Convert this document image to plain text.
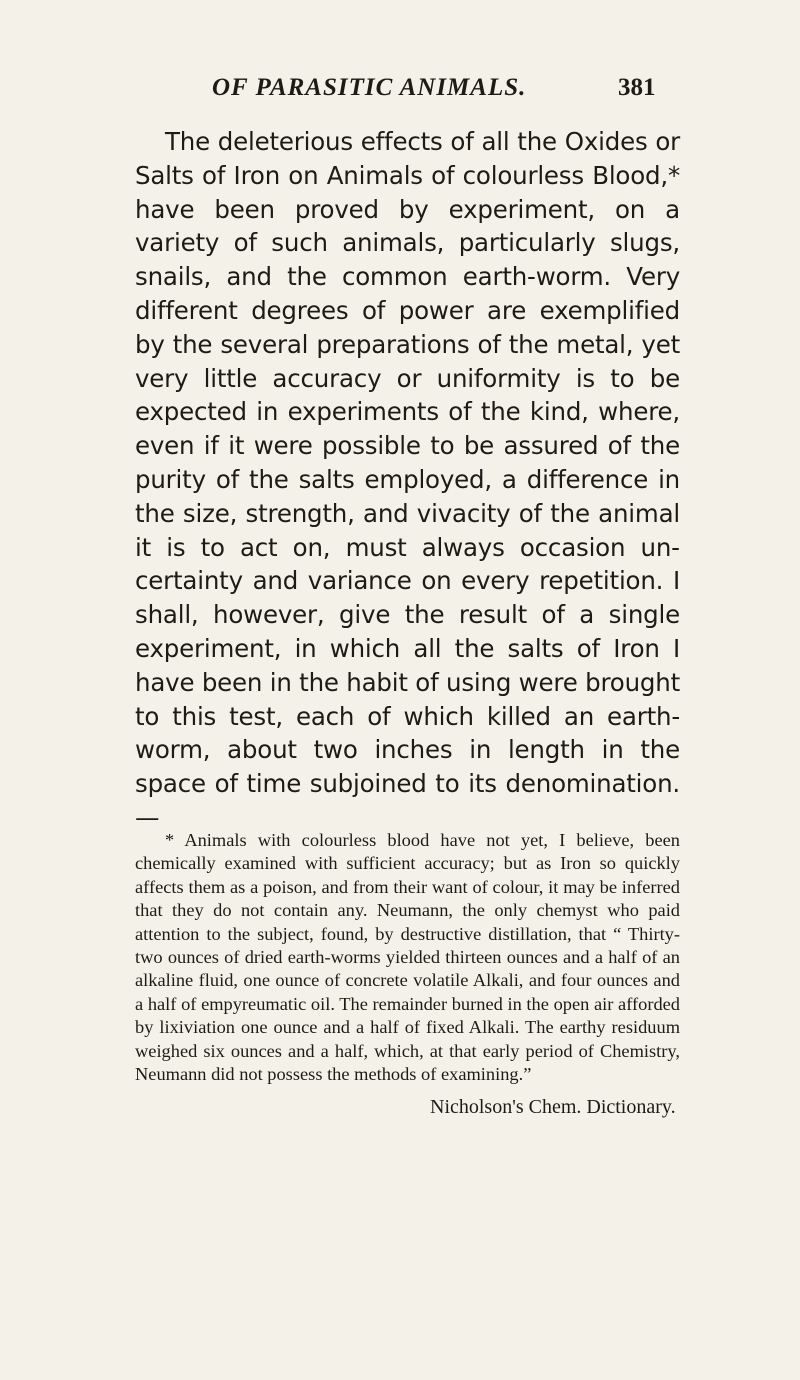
OF PARASITIC ANIMALS.	381

The deleterious effects of all the Oxides or Salts of Iron on Animals of colourless Blood,* have been proved by experiment, on a variety of such animals, particularly slugs, snails, and the common earth-worm. Very different degrees of power are exemplified by the several preparations of the metal, yet very little accuracy or uniformity is to be expected in experiments of the kind, where, even if it were possible to be assured of the purity of the salts employed, a difference in the size, strength, and vivacity of the animal it is to act on, must always occasion uncertainty and variance on every repetition. I shall, however, give the result of a single experiment, in which all the salts of Iron I have been in the habit of using were brought to this test, each of which killed an earth-worm, about two inches in length in the space of time subjoined to its denomination.—

* Animals with colourless blood have not yet, I believe, been chemically examined with sufficient accuracy; but as Iron so quickly affects them as a poison, and from their want of colour, it may be inferred that they do not contain any. Neumann, the only chemyst who paid attention to the subject, found, by destructive distillation, that “ Thirty-two ounces of dried earth-worms yielded thirteen ounces and a half of an alkaline fluid, one ounce of concrete volatile Alkali, and four ounces and a half of empyreumatic oil. The remainder burned in the open air afforded by lixiviation one ounce and a half of fixed Alkali. The earthy residuum weighed six ounces and a half, which, at that early period of Chemistry, Neumann did not possess the methods of examining.”

Nicholson's Chem. Dictionary.
